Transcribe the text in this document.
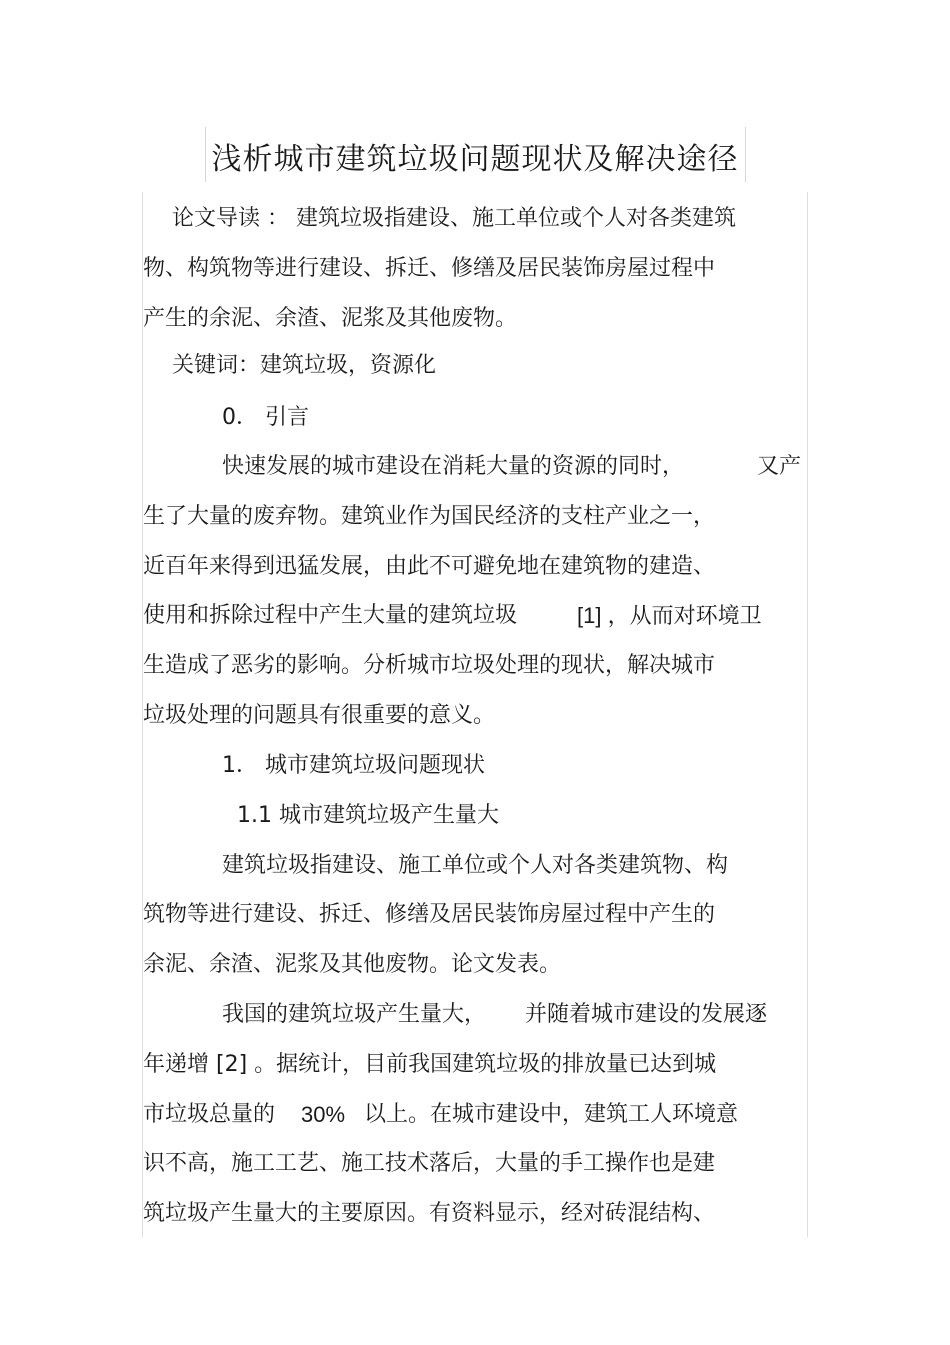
浅析城市建筑垃圾问题现状及解决途径
论文导读 ： 建筑垃圾指建设、施工单位或个人对各类建筑
物、构筑物等进行建设、拆迁、修缮及居民装饰房屋过程中
产生的余泥、余渣、泥浆及其他废物。
关键词：建筑垃圾，资源化
0． 引言
快速发展的城市建设在消耗大量的资源的同时，	又产
生了大量的废弃物。建筑业作为国民经济的支柱产业之一，
近百年来得到迅猛发展，由此不可避免地在建筑物的建造、
使用和拆除过程中产生大量的建筑垃圾	[1] ，从而对环境卫
生造成了恶劣的影响。分析城市垃圾处理的现状，解决城市
垃圾处理的问题具有很重要的意义。
1． 城市建筑垃圾问题现状
1.1 城市建筑垃圾产生量大
建筑垃圾指建设、施工单位或个人对各类建筑物、构
筑物等进行建设、拆迁、修缮及居民装饰房屋过程中产生的
余泥、余渣、泥浆及其他废物。论文发表。
我国的建筑垃圾产生量大， 并随着城市建设的发展逐
年递增 [2] 。据统计，目前我国建筑垃圾的排放量已达到城
市垃圾总量的 30% 以上。在城市建设中，建筑工人环境意
识不高，施工工艺、施工技术落后，大量的手工操作也是建
筑垃圾产生量大的主要原因。有资料显示，经对砖混结构、
